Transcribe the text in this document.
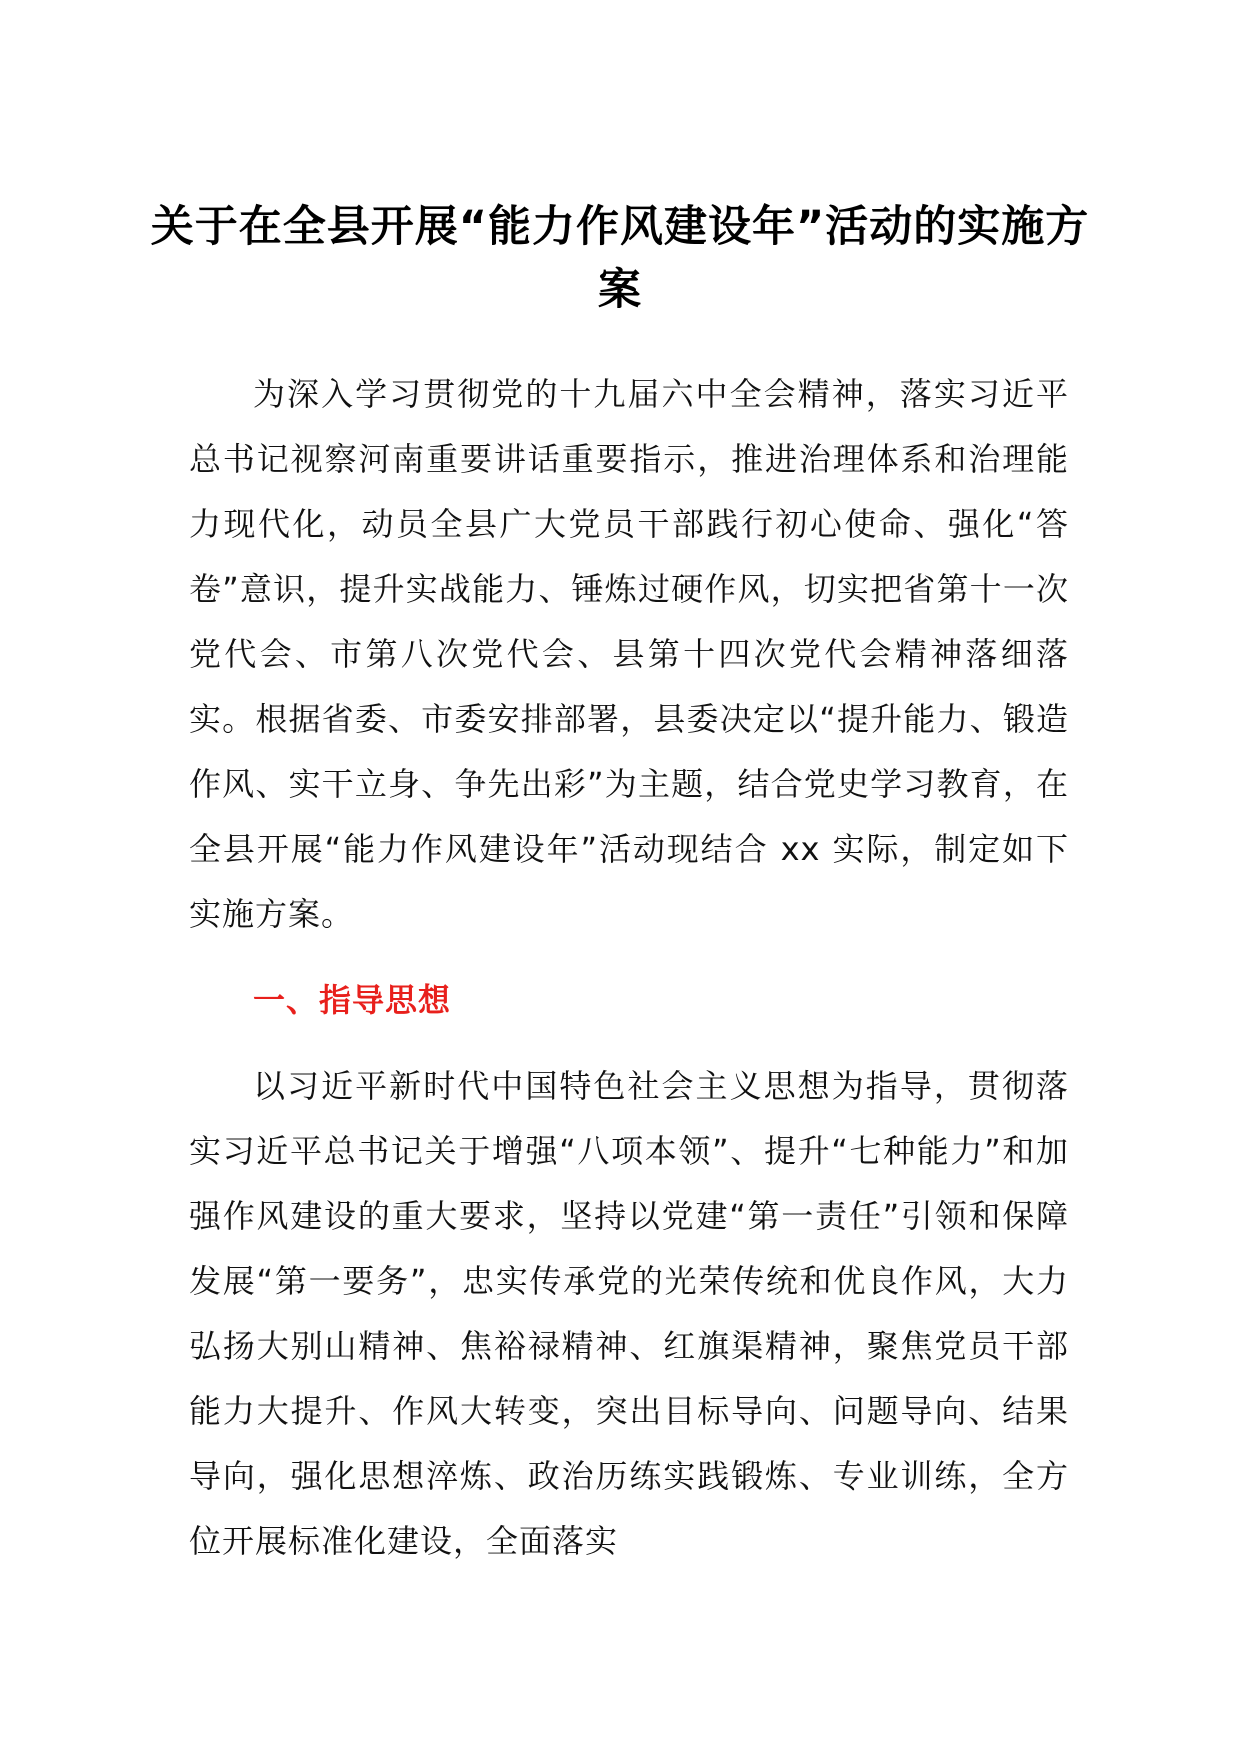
关于在全县开展“能力作风建设年”活动的实施方案

为深入学习贯彻党的十九届六中全会精神，落实习近平总书记视察河南重要讲话重要指示，推进治理体系和治理能力现代化，动员全县广大党员干部践行初心使命、强化“答卷”意识，提升实战能力、锤炼过硬作风，切实把省第十一次党代会、市第八次党代会、县第十四次党代会精神落细落实。根据省委、市委安排部署，县委决定以“提升能力、锻造作风、实干立身、争先出彩”为主题，结合党史学习教育，在全县开展“能力作风建设年”活动现结合 xx 实际，制定如下实施方案。

一、指导思想

以习近平新时代中国特色社会主义思想为指导，贯彻落实习近平总书记关于增强“八项本领”、提升“七种能力”和加强作风建设的重大要求，坚持以党建“第一责任”引领和保障发展“第一要务”，忠实传承党的光荣传统和优良作风，大力弘扬大别山精神、焦裕禄精神、红旗渠精神，聚焦党员干部能力大提升、作风大转变，突出目标导向、问题导向、结果导向，强化思想淬炼、政治历练实践锻炼、专业训练，全方位开展标准化建设，全面落实
